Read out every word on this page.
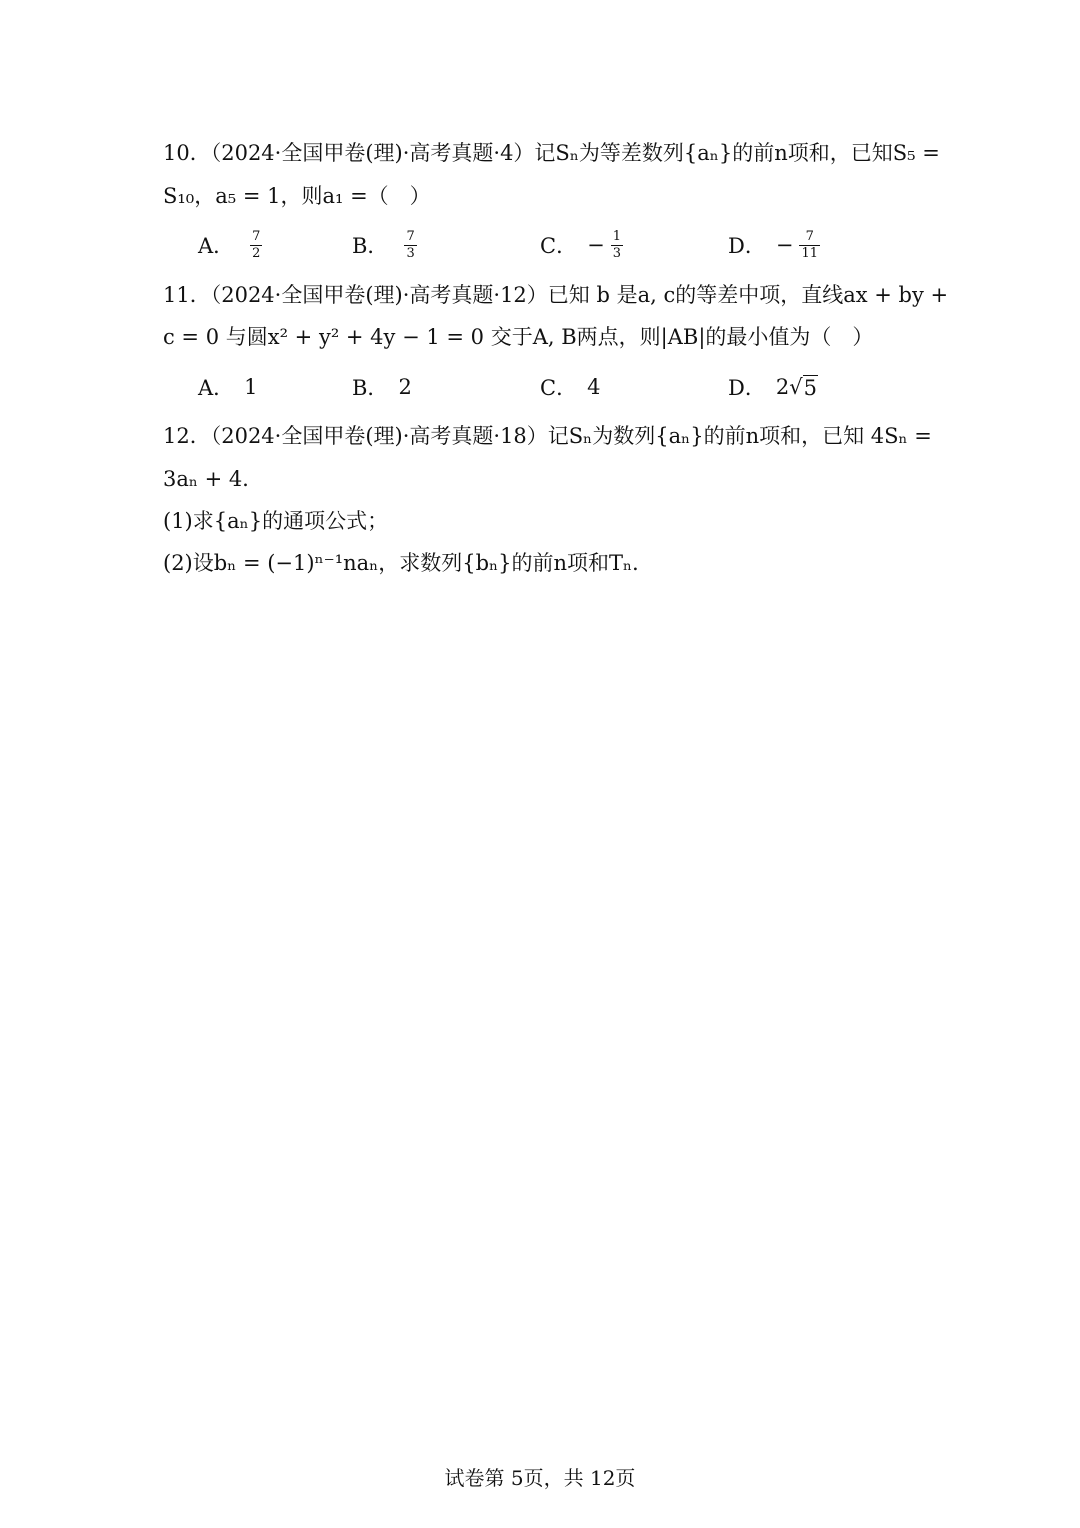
10．（2024·全国甲卷(理)·高考真题·4）记Sₙ为等差数列{aₙ}的前n项和，已知S₅ =
S₁₀，a₅ = 1，则a₁ =（　）
A． $\frac{7}{2}$	B． $\frac{7}{3}$	C． − $\frac{1}{3}$	D． − $\frac{7}{11}$
11．（2024·全国甲卷(理)·高考真题·12）已知 b 是a, c的等差中项，直线ax + by +
c = 0 与圆x² + y² + 4y − 1 = 0 交于A, B两点，则|AB|的最小值为（　）
A． 1	B． 2	C． 4	D． 2 √ 5
12．（2024·全国甲卷(理)·高考真题·18）记Sₙ为数列{aₙ}的前n项和，已知 4Sₙ =
3aₙ + 4．
(1)求{aₙ}的通项公式；
(2)设bₙ = (−1)ⁿ⁻¹naₙ，求数列{bₙ}的前n项和Tₙ．
试卷第 5页，共 12页
